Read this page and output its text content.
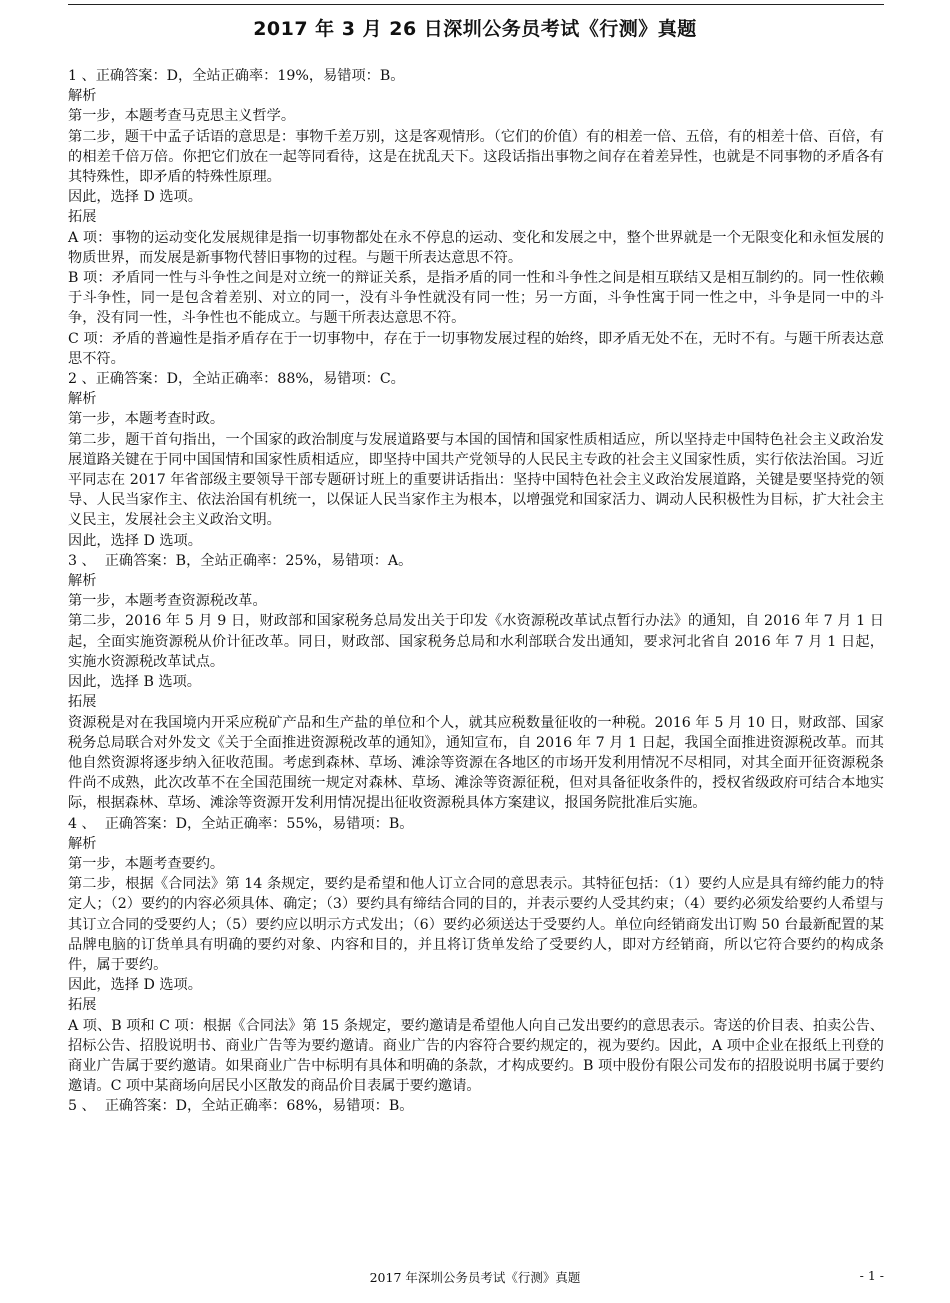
2017 年 3 月 26 日深圳公务员考试《行测》真题

1 、正确答案：D，全站正确率：19%，易错项：B。

解析

第一步，本题考查马克思主义哲学。

第二步，题干中孟子话语的意思是：事物千差万别，这是客观情形。（它们的价值）有的相差一倍、五倍，有的相差十倍、百倍，有的相差千倍万倍。你把它们放在一起等同看待，这是在扰乱天下。这段话指出事物之间存在着差异性，也就是不同事物的矛盾各有其特殊性，即矛盾的特殊性原理。

因此，选择 D 选项。

拓展

A 项：事物的运动变化发展规律是指一切事物都处在永不停息的运动、变化和发展之中，整个世界就是一个无限变化和永恒发展的物质世界，而发展是新事物代替旧事物的过程。与题干所表达意思不符。

B 项：矛盾同一性与斗争性之间是对立统一的辩证关系，是指矛盾的同一性和斗争性之间是相互联结又是相互制约的。同一性依赖于斗争性，同一是包含着差别、对立的同一，没有斗争性就没有同一性；另一方面，斗争性寓于同一性之中，斗争是同一中的斗争，没有同一性，斗争性也不能成立。与题干所表达意思不符。

C 项：矛盾的普遍性是指矛盾存在于一切事物中，存在于一切事物发展过程的始终，即矛盾无处不在，无时不有。与题干所表达意思不符。

2 、正确答案：D，全站正确率：88%，易错项：C。

解析

第一步，本题考查时政。

第二步，题干首句指出，一个国家的政治制度与发展道路要与本国的国情和国家性质相适应，所以坚持走中国特色社会主义政治发展道路关键在于同中国国情和国家性质相适应，即坚持中国共产党领导的人民民主专政的社会主义国家性质，实行依法治国。习近平同志在 2017 年省部级主要领导干部专题研讨班上的重要讲话指出：坚持中国特色社会主义政治发展道路，关键是要坚持党的领导、人民当家作主、依法治国有机统一，以保证人民当家作主为根本，以增强党和国家活力、调动人民积极性为目标，扩大社会主义民主，发展社会主义政治文明。

因此，选择 D 选项。

3 、  正确答案：B，全站正确率：25%，易错项：A。

解析

第一步，本题考查资源税改革。

第二步，2016 年 5 月 9 日，财政部和国家税务总局发出关于印发《水资源税改革试点暂行办法》的通知，自 2016 年 7 月 1 日起，全面实施资源税从价计征改革。同日，财政部、国家税务总局和水利部联合发出通知，要求河北省自 2016 年 7 月 1 日起，实施水资源税改革试点。

因此，选择 B 选项。

拓展

资源税是对在我国境内开采应税矿产品和生产盐的单位和个人，就其应税数量征收的一种税。2016 年 5 月 10 日，财政部、国家税务总局联合对外发文《关于全面推进资源税改革的通知》，通知宣布，自 2016 年 7 月 1 日起，我国全面推进资源税改革。而其他自然资源将逐步纳入征收范围。考虑到森林、草场、滩涂等资源在各地区的市场开发利用情况不尽相同，对其全面开征资源税条件尚不成熟，此次改革不在全国范围统一规定对森林、草场、滩涂等资源征税，但对具备征收条件的，授权省级政府可结合本地实际，根据森林、草场、滩涂等资源开发利用情况提出征收资源税具体方案建议，报国务院批准后实施。

4 、  正确答案：D，全站正确率：55%，易错项：B。

解析

第一步，本题考查要约。

第二步，根据《合同法》第 14 条规定，要约是希望和他人订立合同的意思表示。其特征包括：（1）要约人应是具有缔约能力的特定人；（2）要约的内容必须具体、确定；（3）要约具有缔结合同的目的，并表示要约人受其约束；（4）要约必须发给要约人希望与其订立合同的受要约人；（5）要约应以明示方式发出；（6）要约必须送达于受要约人。单位向经销商发出订购 50 台最新配置的某品牌电脑的订货单具有明确的要约对象、内容和目的，并且将订货单发给了受要约人，即对方经销商，所以它符合要约的构成条件，属于要约。

因此，选择 D 选项。

拓展

A 项、B 项和 C 项：根据《合同法》第 15 条规定，要约邀请是希望他人向自己发出要约的意思表示。寄送的价目表、拍卖公告、招标公告、招股说明书、商业广告等为要约邀请。商业广告的内容符合要约规定的，视为要约。因此，A 项中企业在报纸上刊登的商业广告属于要约邀请。如果商业广告中标明有具体和明确的条款，才构成要约。B 项中股份有限公司发布的招股说明书属于要约邀请。C 项中某商场向居民小区散发的商品价目表属于要约邀请。

5 、  正确答案：D，全站正确率：68%，易错项：B。

2017 年深圳公务员考试《行测》真题	- 1 -
